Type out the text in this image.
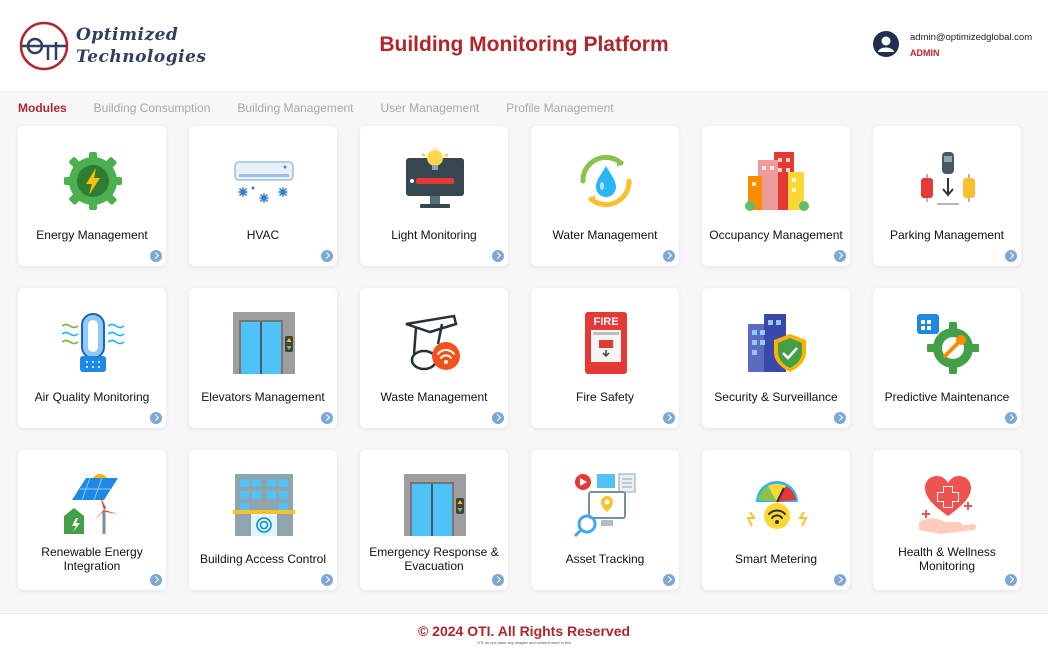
Optimized
Technologies
Building Monitoring Platform	admin@optimizedglobal.com
ADMIN
Modules Building Consumption Building Management User Management Profile Management
Energy Management	HVAC	Light Monitoring	Water Management	Occupancy Management	Parking Management
Air Quality Monitoring	Elevators Management	Waste Management
FIRE
Fire Safety	Security & Surveillance	Predictive Maintenance
Renewable Energy Integration	Building Access Control	Emergency Response & Evacuation	Asset Tracking	Smart Metering	Health & Wellness Monitoring
© 2024 OTI. All Rights Reserved
OTI do not claim any images and content used in this
